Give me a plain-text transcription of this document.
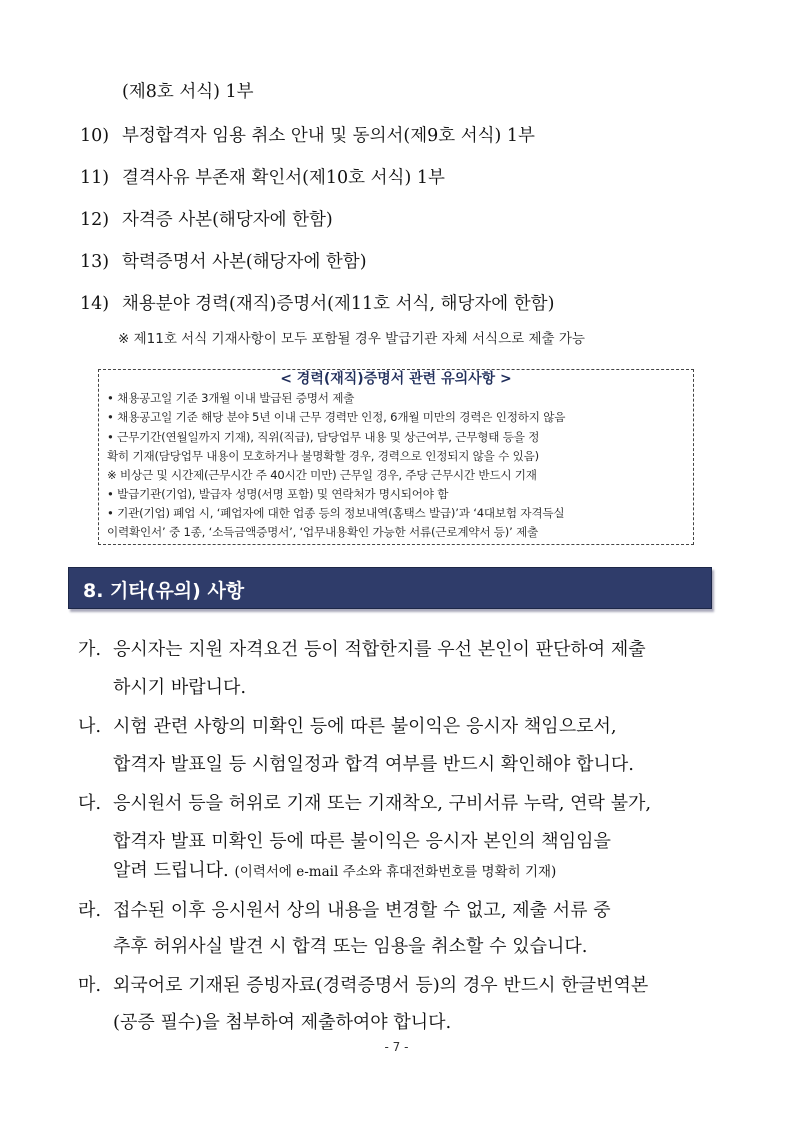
(제8호 서식) 1부
10) 부정합격자 임용 취소 안내 및 동의서(제9호 서식) 1부
11) 결격사유 부존재 확인서(제10호 서식) 1부
12) 자격증 사본(해당자에 한함)
13) 학력증명서 사본(해당자에 한함)
14) 채용분야 경력(재직)증명서(제11호 서식, 해당자에 한함)
※ 제11호 서식 기재사항이 모두 포함될 경우 발급기관 자체 서식으로 제출 가능
< 경력(재직)증명서 관련 유의사항 >
• 채용공고일 기준 3개월 이내 발급된 증명서 제출
• 채용공고일 기준 해당 분야 5년 이내 근무 경력만 인정, 6개월 미만의 경력은 인정하지 않음
• 근무기간(연월일까지 기재), 직위(직급), 담당업무 내용 및 상근여부, 근무형태 등을 정
확히 기재(담당업무 내용이 모호하거나 불명확할 경우, 경력으로 인정되지 않을 수 있음)
※ 비상근 및 시간제(근무시간 주 40시간 미만) 근무일 경우, 주당 근무시간 반드시 기재
• 발급기관(기업), 발급자 성명(서명 포함) 및 연락처가 명시되어야 함
• 기관(기업) 폐업 시, ‘폐업자에 대한 업종 등의 정보내역(홈택스 발급)’과 ‘4대보험 자격득실
이력확인서’ 중 1종, ‘소득금액증명서’, ‘업무내용확인 가능한 서류(근로계약서 등)’ 제출
8. 기타(유의) 사항
가. 응시자는 지원 자격요건 등이 적합한지를 우선 본인이 판단하여 제출
하시기 바랍니다.
나. 시험 관련 사항의 미확인 등에 따른 불이익은 응시자 책임으로서,
합격자 발표일 등 시험일정과 합격 여부를 반드시 확인해야 합니다.
다. 응시원서 등을 허위로 기재 또는 기재착오, 구비서류 누락, 연락 불가,
합격자 발표 미확인 등에 따른 불이익은 응시자 본인의 책임임을
알려 드립니다. (이력서에 e-mail 주소와 휴대전화번호를 명확히 기재)
라. 접수된 이후 응시원서 상의 내용을 변경할 수 없고, 제출 서류 중
추후 허위사실 발견 시 합격 또는 임용을 취소할 수 있습니다.
마. 외국어로 기재된 증빙자료(경력증명서 등)의 경우 반드시 한글번역본
(공증 필수)을 첨부하여 제출하여야 합니다.
- 7 -
